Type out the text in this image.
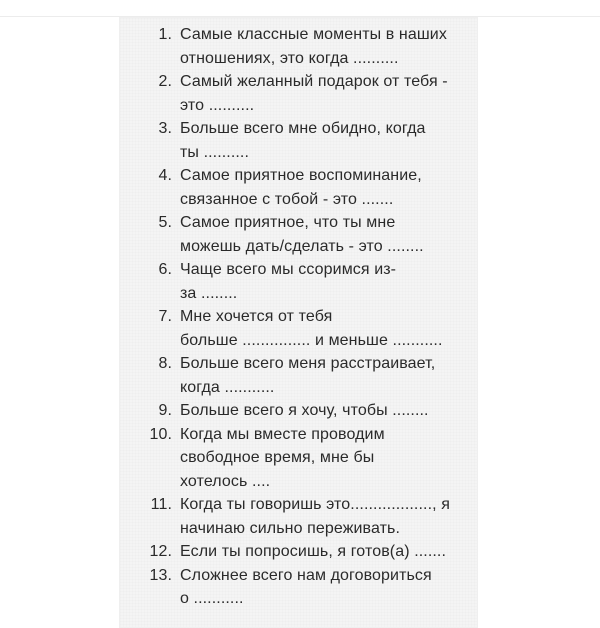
1. Самые классные моменты в наших
отношениях, это когда ..........
2. Самый желанный подарок от тебя -
это ..........
3. Больше всего мне обидно, когда
ты ..........
4. Самое приятное воспоминание,
связанное с тобой - это .......
5. Самое приятное, что ты мне
можешь дать/сделать - это ........
6. Чаще всего мы ссоримся из-
за ........
7. Мне хочется от тебя
больше ............... и меньше ...........
8. Больше всего меня расстраивает,
когда ...........
9. Больше всего я хочу, чтобы ........
10. Когда мы вместе проводим
свободное время, мне бы
хотелось ....
11. Когда ты говоришь это.................., я
начинаю сильно переживать.
12. Если ты попросишь, я готов(а) .......
13. Сложнее всего нам договориться
о ...........
